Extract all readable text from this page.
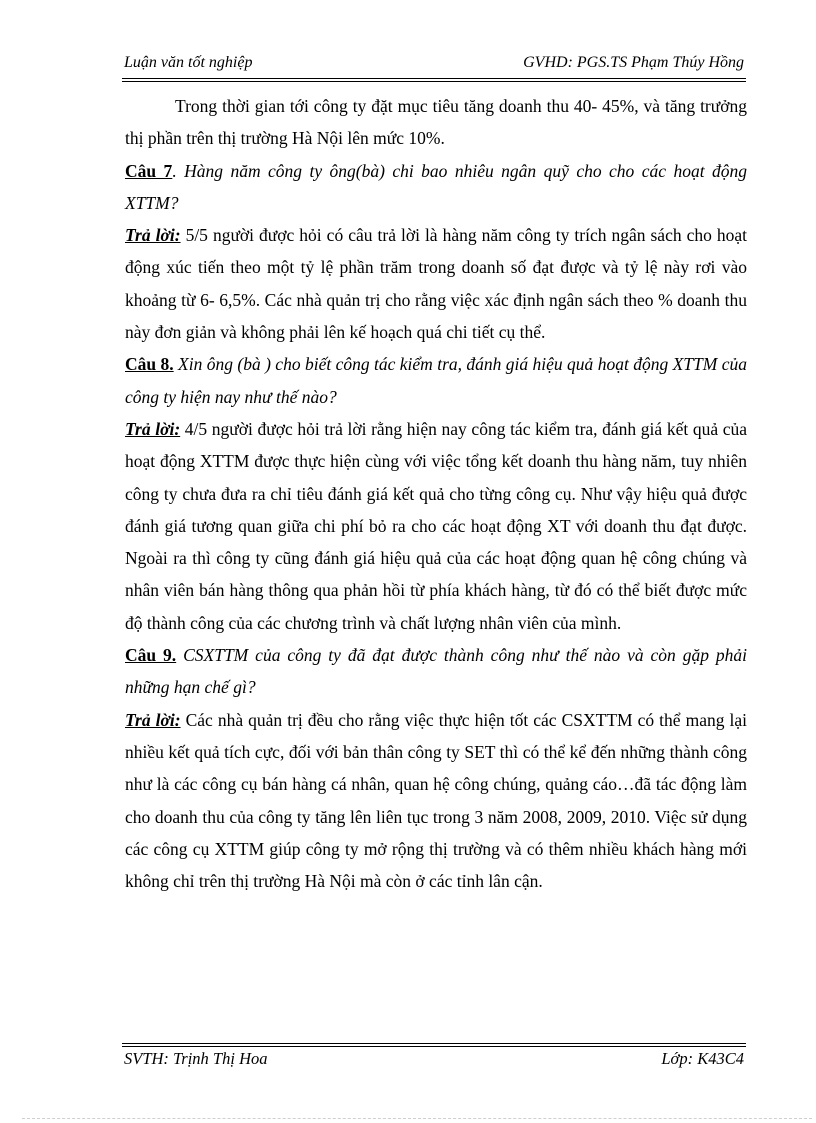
Luận văn tốt nghiệp	GVHD: PGS.TS Phạm Thúy Hồng

Trong thời gian tới công ty đặt mục tiêu tăng doanh thu 40- 45%, và tăng trưởng thị phần trên thị trường Hà Nội lên mức 10%.

Câu 7. Hàng năm công ty ông(bà) chi bao nhiêu ngân quỹ cho cho các hoạt động XTTM?

Trả lời: 5/5 người được hỏi có câu trả lời là hàng năm công ty trích ngân sách cho hoạt động xúc tiến theo một tỷ lệ phần trăm trong doanh số đạt được và tỷ lệ này rơi vào khoảng từ 6- 6,5%. Các nhà quản trị cho rằng việc xác định ngân sách theo % doanh thu này đơn giản và không phải lên kế hoạch quá chi tiết cụ thể.

Câu 8. Xin ông (bà ) cho biết công tác kiểm tra, đánh giá hiệu quả hoạt động XTTM của công ty hiện nay như thế nào?

Trả lời: 4/5 người được hỏi trả lời rằng hiện nay công tác kiểm tra, đánh giá kết quả của hoạt động XTTM được thực hiện cùng với việc tổng kết doanh thu hàng năm, tuy nhiên công ty chưa đưa ra chỉ tiêu đánh giá kết quả cho từng công cụ. Như vậy hiệu quả được đánh giá tương quan giữa chi phí bỏ ra cho các hoạt động XT với doanh thu đạt được. Ngoài ra thì công ty cũng đánh giá hiệu quả của các hoạt động quan hệ công chúng và nhân viên bán hàng thông qua phản hồi từ phía khách hàng, từ đó có thể biết được mức độ thành công của các chương trình và chất lượng nhân viên của mình.

Câu 9. CSXTTM của công ty đã đạt được thành công như thế nào và còn gặp phải những hạn chế gì?

Trả lời: Các nhà quản trị đều cho rằng việc thực hiện tốt các CSXTTM có thể mang lại nhiều kết quả tích cực, đối với bản thân công ty SET thì có thể kể đến những thành công như là các công cụ bán hàng cá nhân, quan hệ công chúng, quảng cáo…đã tác động làm cho doanh thu của công ty tăng lên liên tục trong 3 năm 2008, 2009, 2010. Việc sử dụng các công cụ XTTM giúp công ty mở rộng thị trường và có thêm nhiều khách hàng mới không chỉ trên thị trường Hà Nội mà còn ở các tỉnh lân cận.

SVTH: Trịnh Thị Hoa	Lớp: K43C4
